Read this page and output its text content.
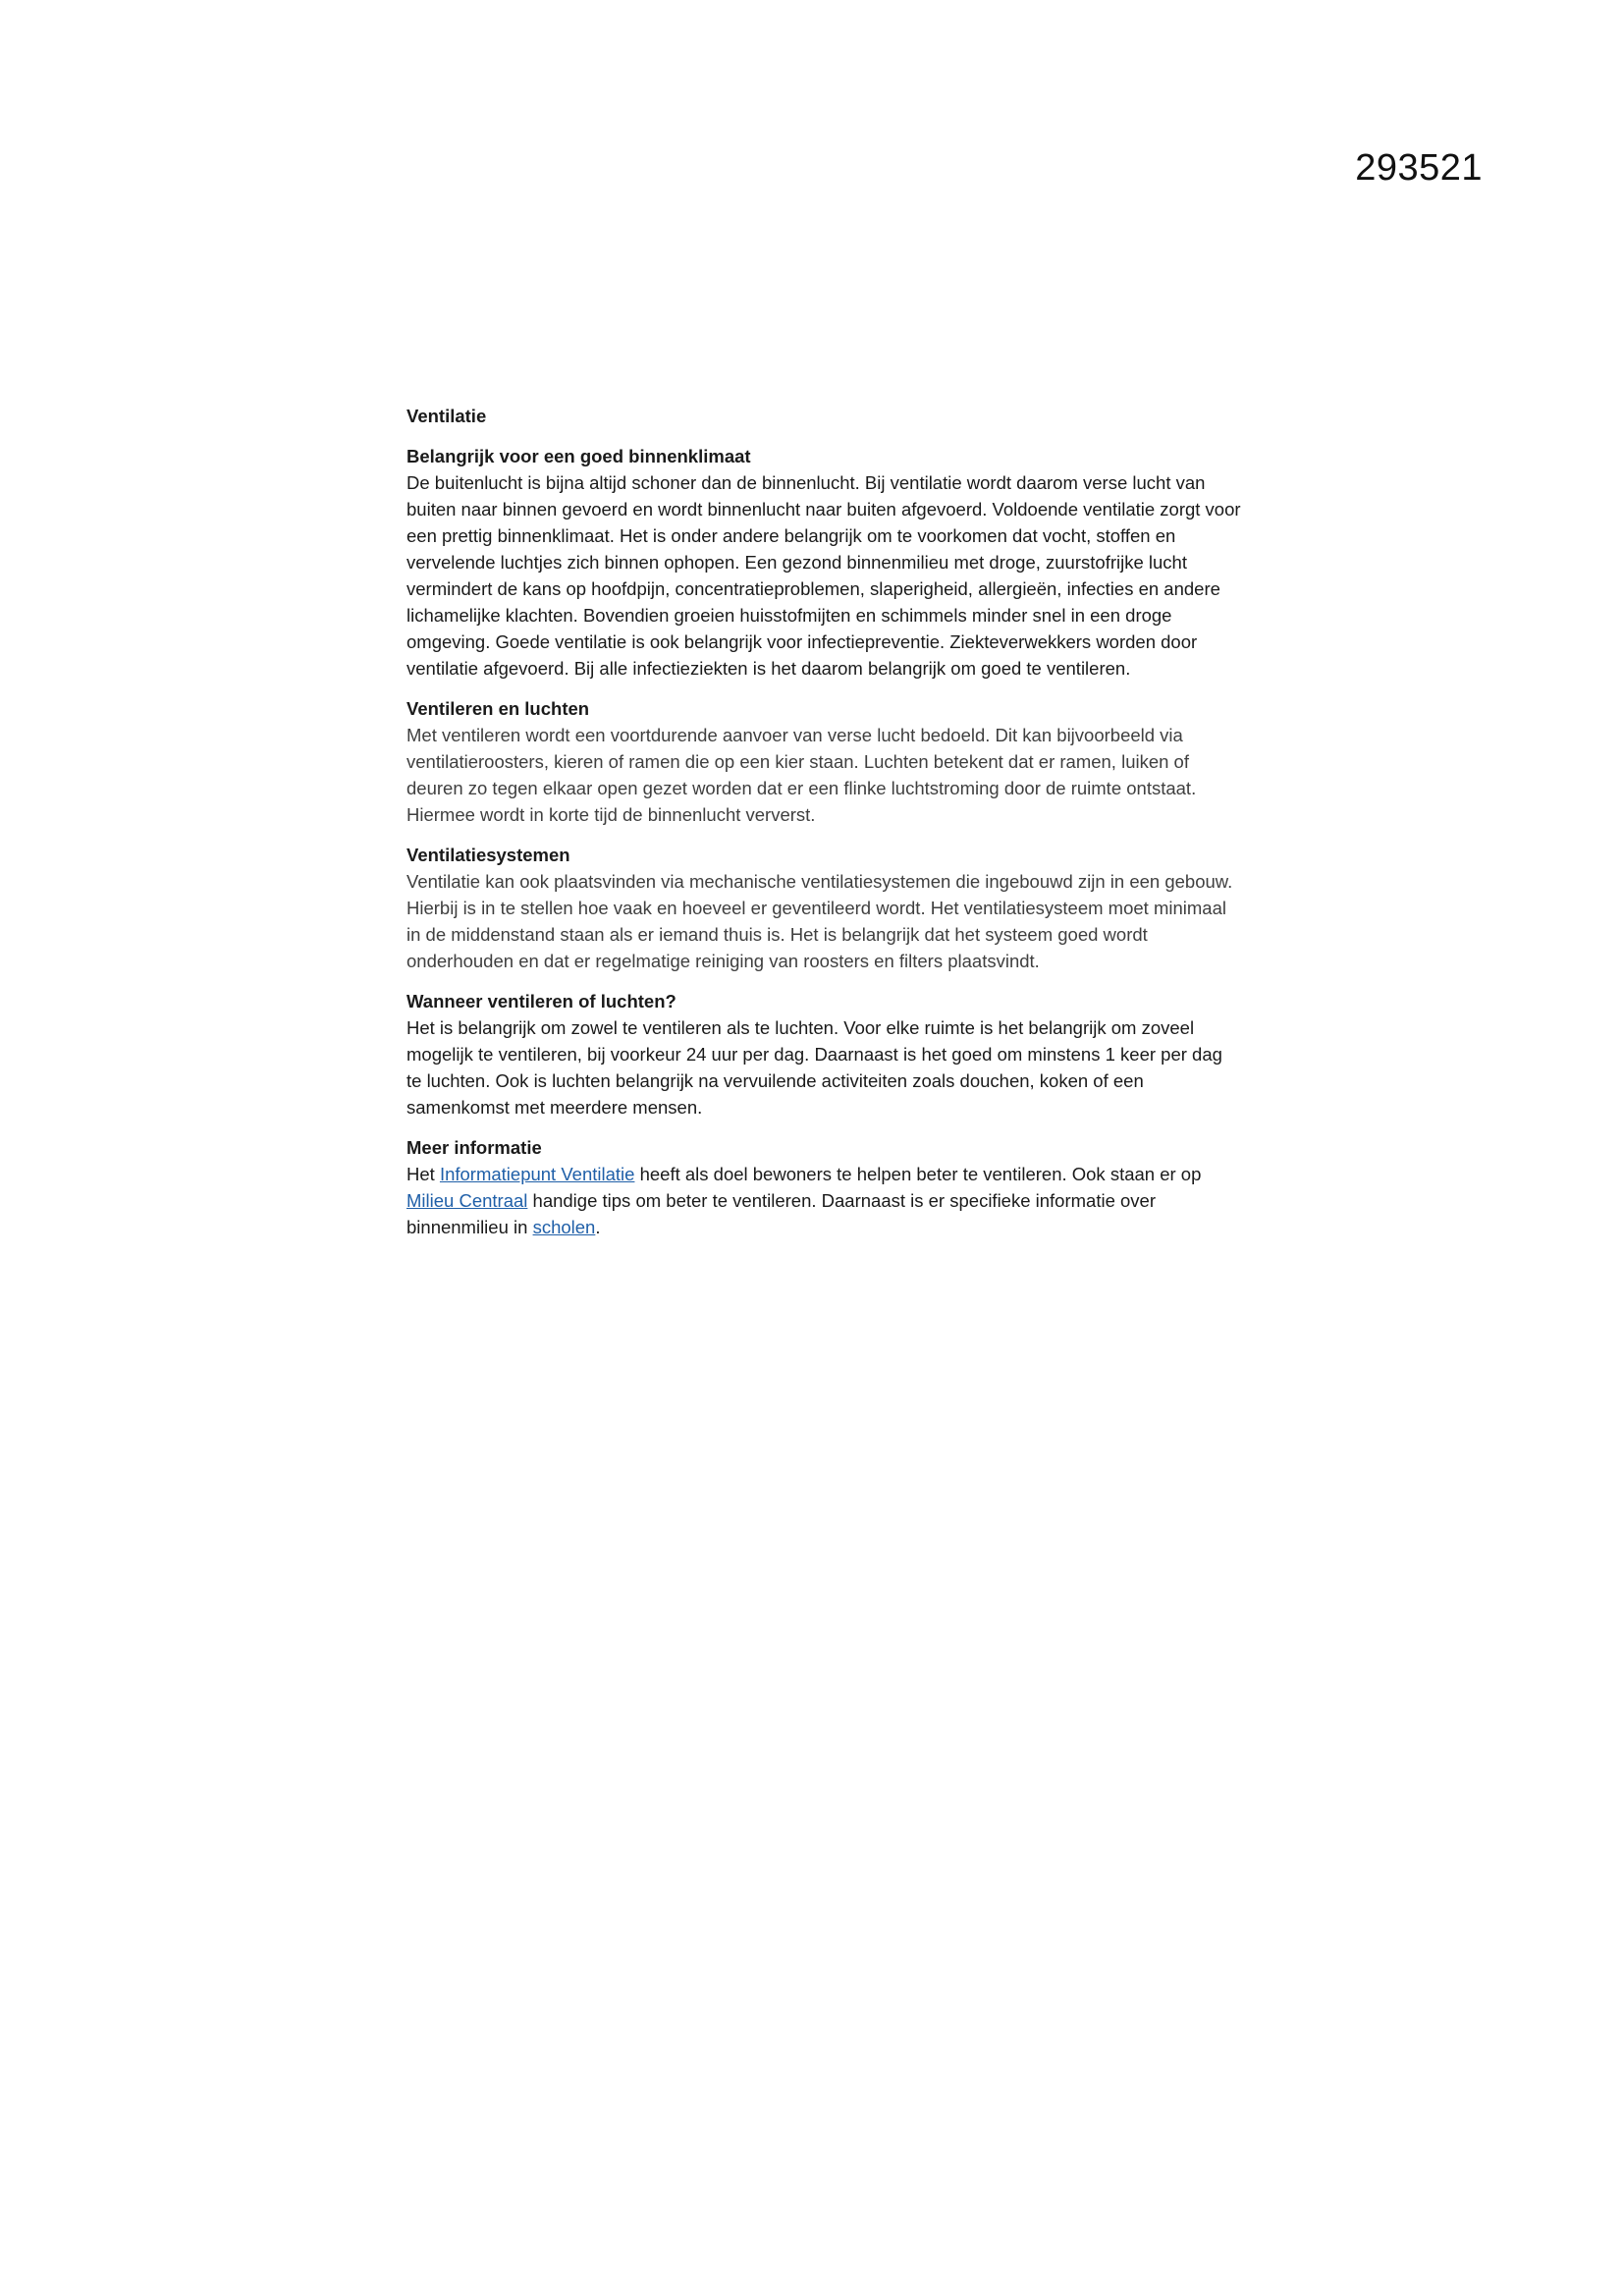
293521

Ventilatie

Belangrijk voor een goed binnenklimaat

De buitenlucht is bijna altijd schoner dan de binnenlucht. Bij ventilatie wordt daarom verse lucht van buiten naar binnen gevoerd en wordt binnenlucht naar buiten afgevoerd. Voldoende ventilatie zorgt voor een prettig binnenklimaat. Het is onder andere belangrijk om te voorkomen dat vocht, stoffen en vervelende luchtjes zich binnen ophopen. Een gezond binnenmilieu met droge, zuurstofrijke lucht vermindert de kans op hoofdpijn, concentratieproblemen, slaperigheid, allergieën, infecties en andere lichamelijke klachten. Bovendien groeien huisstofmijten en schimmels minder snel in een droge omgeving. Goede ventilatie is ook belangrijk voor infectiepreventie. Ziekteverwekkers worden door ventilatie afgevoerd. Bij alle infectieziekten is het daarom belangrijk om goed te ventileren.

Ventileren en luchten

Met ventileren wordt een voortdurende aanvoer van verse lucht bedoeld. Dit kan bijvoorbeeld via ventilatieroosters, kieren of ramen die op een kier staan. Luchten betekent dat er ramen, luiken of deuren zo tegen elkaar open gezet worden dat er een flinke luchtstroming door de ruimte ontstaat. Hiermee wordt in korte tijd de binnenlucht ververst.

Ventilatiesystemen

Ventilatie kan ook plaatsvinden via mechanische ventilatiesystemen die ingebouwd zijn in een gebouw. Hierbij is in te stellen hoe vaak en hoeveel er geventileerd wordt. Het ventilatiesysteem moet minimaal in de middenstand staan als er iemand thuis is. Het is belangrijk dat het systeem goed wordt onderhouden en dat er regelmatige reiniging van roosters en filters plaatsvindt.

Wanneer ventileren of luchten?

Het is belangrijk om zowel te ventileren als te luchten. Voor elke ruimte is het belangrijk om zoveel mogelijk te ventileren, bij voorkeur 24 uur per dag. Daarnaast is het goed om minstens 1 keer per dag te luchten. Ook is luchten belangrijk na vervuilende activiteiten zoals douchen, koken of een samenkomst met meerdere mensen.

Meer informatie

Het Informatiepunt Ventilatie heeft als doel bewoners te helpen beter te ventileren. Ook staan er op Milieu Centraal handige tips om beter te ventileren. Daarnaast is er specifieke informatie over binnenmilieu in scholen.
